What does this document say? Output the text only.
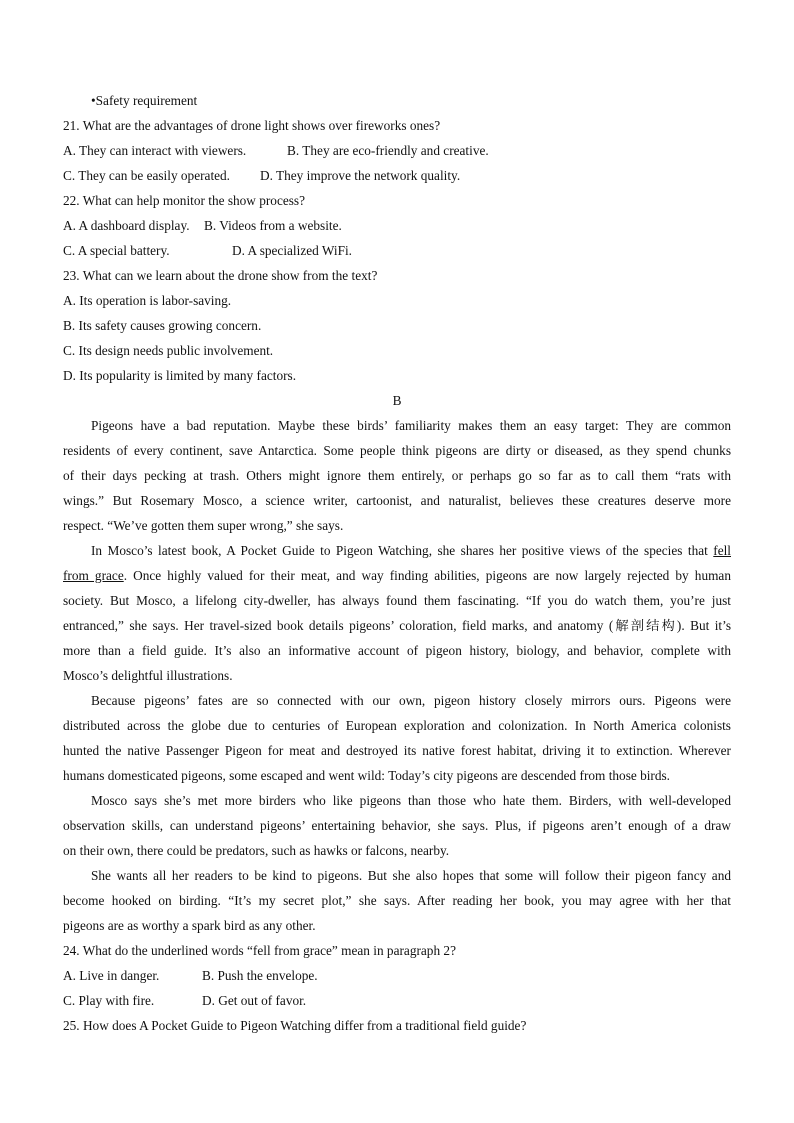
•Safety requirement
21. What are the advantages of drone light shows over fireworks ones?
A. They can interact with viewers.	B. They are eco-friendly and creative.
C. They can be easily operated.	D. They improve the network quality.
22. What can help monitor the show process?
A. A dashboard display.	B. Videos from a website.
C. A special battery.	D. A specialized WiFi.
23. What can we learn about the drone show from the text?
A. Its operation is labor-saving.
B. Its safety causes growing concern.
C. Its design needs public involvement.
D. Its popularity is limited by many factors.
B
Pigeons have a bad reputation. Maybe these birds’ familiarity makes them an easy target: They are common
residents of every continent, save Antarctica. Some people think pigeons are dirty or diseased, as they spend chunks
of their days pecking at trash. Others might ignore them entirely, or perhaps go so far as to call them “rats with
wings.” But Rosemary Mosco, a science writer, cartoonist, and naturalist, believes these creatures deserve more
respect. “We’ve gotten them super wrong,” she says.
In Mosco’s latest book, A Pocket Guide to Pigeon Watching, she shares her positive views of the species that fell
from grace. Once highly valued for their meat, and way finding abilities, pigeons are now largely rejected by human
society. But Mosco, a lifelong city-dweller, has always found them fascinating. “If you do watch them, you’re just
entranced,” she says. Her travel-sized book details pigeons’ coloration, field marks, and anatomy (解剖结构). But it’s
more than a field guide. It’s also an informative account of pigeon history, biology, and behavior, complete with
Mosco’s delightful illustrations.
Because pigeons’ fates are so connected with our own, pigeon history closely mirrors ours. Pigeons were
distributed across the globe due to centuries of European exploration and colonization. In North America colonists
hunted the native Passenger Pigeon for meat and destroyed its native forest habitat, driving it to extinction. Wherever
humans domesticated pigeons, some escaped and went wild: Today’s city pigeons are descended from those birds.
Mosco says she’s met more birders who like pigeons than those who hate them. Birders, with well-developed
observation skills, can understand pigeons’ entertaining behavior, she says. Plus, if pigeons aren’t enough of a draw
on their own, there could be predators, such as hawks or falcons, nearby.
She wants all her readers to be kind to pigeons. But she also hopes that some will follow their pigeon fancy and
become hooked on birding. “It’s my secret plot,” she says. After reading her book, you may agree with her that
pigeons are as worthy a spark bird as any other.
24. What do the underlined words “fell from grace” mean in paragraph 2?
A. Live in danger.	B. Push the envelope.
C. Play with fire.	D. Get out of favor.
25. How does A Pocket Guide to Pigeon Watching differ from a traditional field guide?
